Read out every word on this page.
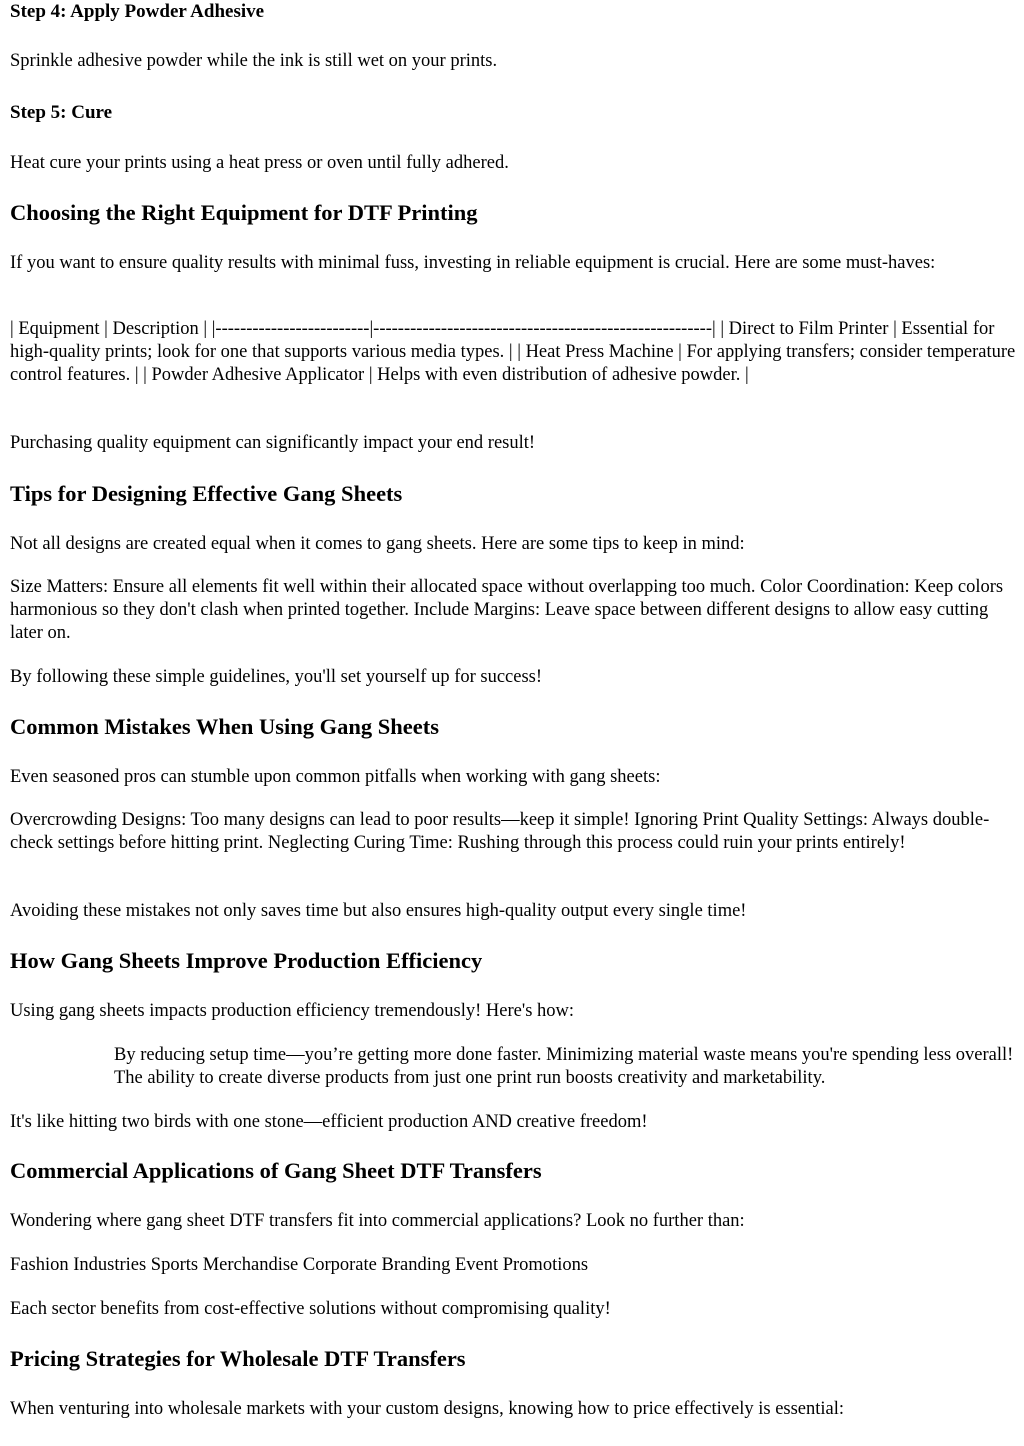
Step 4: Apply Powder Adhesive

Sprinkle adhesive powder while the ink is still wet on your prints.

Step 5: Cure

Heat cure your prints using a heat press or oven until fully adhered.

Choosing the Right Equipment for DTF Printing

If you want to ensure quality results with minimal fuss, investing in reliable equipment is crucial. Here are some must-haves:

| Equipment | Description | |-------------------------|-------------------------------------------------------| | Direct to Film Printer | Essential for high-quality prints; look for one that supports various media types. | | Heat Press Machine | For applying transfers; consider temperature control features. | | Powder Adhesive Applicator | Helps with even distribution of adhesive powder. |

Purchasing quality equipment can significantly impact your end result!

Tips for Designing Effective Gang Sheets

Not all designs are created equal when it comes to gang sheets. Here are some tips to keep in mind:

Size Matters: Ensure all elements fit well within their allocated space without overlapping too much. Color Coordination: Keep colors harmonious so they don't clash when printed together. Include Margins: Leave space between different designs to allow easy cutting later on.

By following these simple guidelines, you'll set yourself up for success!

Common Mistakes When Using Gang Sheets

Even seasoned pros can stumble upon common pitfalls when working with gang sheets:

Overcrowding Designs: Too many designs can lead to poor results—keep it simple! Ignoring Print Quality Settings: Always double-check settings before hitting print. Neglecting Curing Time: Rushing through this process could ruin your prints entirely!

Avoiding these mistakes not only saves time but also ensures high-quality output every single time!

How Gang Sheets Improve Production Efficiency

Using gang sheets impacts production efficiency tremendously! Here's how:

By reducing setup time—you’re getting more done faster. Minimizing material waste means you're spending less overall! The ability to create diverse products from just one print run boosts creativity and marketability.

It's like hitting two birds with one stone—efficient production AND creative freedom!

Commercial Applications of Gang Sheet DTF Transfers

Wondering where gang sheet DTF transfers fit into commercial applications? Look no further than:

Fashion Industries Sports Merchandise Corporate Branding Event Promotions

Each sector benefits from cost-effective solutions without compromising quality!

Pricing Strategies for Wholesale DTF Transfers

When venturing into wholesale markets with your custom designs, knowing how to price effectively is essential:
